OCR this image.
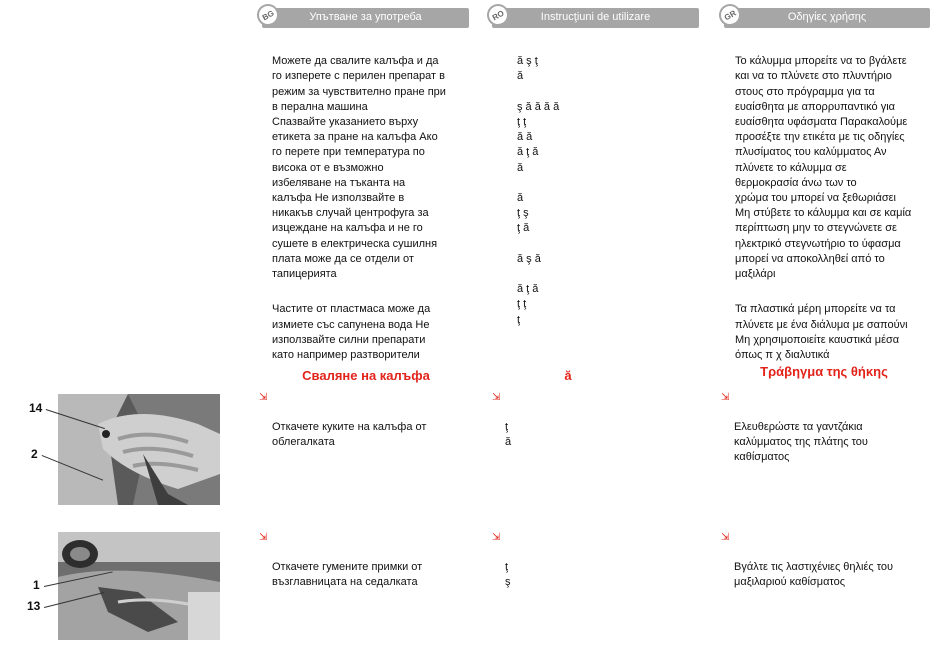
BG	Упътване за употреба	RO	Instrucţiuni de utilizare	GR	Οδηγίες χρήσης

Можете да свалите калъфа и да
го изперете с перилен препарат в
режим за чувствително пране при
в перална машина
Спазвайте указанието върху
етикета за пране на калъфа Ако
го перете при температура по
висока от е възможно
избеляване на тъканта на
калъфа Не използвайте в
никакъв случай центрофуга за
изцеждане на калъфа и не го
сушете в електрическа сушилня
плата може да се отдели от
тапицерията

Частите от пластмаса може да
измиете със сапунена вода Не
използвайте силни препарати
като например разтворители

ă ş ţ
ă

ş ă ă ă ă
ţ ţ
ă ă
ă ţ ă
ă

ă
ţ ş
ţ ă

ă ş ă

ă ţ ă
ţ ţ
ţ

Το κάλυμμα μπορείτε να το βγάλετε
και να το πλύνετε στο πλυντήριο
στους στο πρόγραμμα για τα
ευαίσθητα με απορρυπαντικό για
ευαίσθητα υφάσματα Παρακαλούμε
προσέξτε την ετικέτα με τις οδηγίες
πλυσίματος του καλύμματος Αν
πλύνετε το κάλυμμα σε
θερμοκρασία άνω των το
χρώμα του μπορεί να ξεθωριάσει
Μη στύβετε το κάλυμμα και σε καμία
περίπτωση μην το στεγνώνετε σε
ηλεκτρικό στεγνωτήριο το ύφασμα
μπορεί να αποκολληθεί από το
μαξιλάρι

Τα πλαστικά μέρη μπορείτε να τα
πλύνετε με ένα διάλυμα με σαπούνι
Μη χρησιμοποιείτε καυστικά μέσα
όπως π χ διαλυτικά

Сваляне на калъфа	ă	Τράβηγμα της θήκης

⇲

Откачете куките на калъфа от
облегалката

⇲

ţ
ă

⇲

Ελευθερώστε τα γαντζάκια
καλύμματος της πλάτης του
καθίσματος

⇲

Откачете гумените примки от
възглавницата на седалката

⇲

ţ
ş

⇲

Βγάλτε τις λαστιχένιες θηλιές του
μαξιλαριού καθίσματος

14
2
1
13
